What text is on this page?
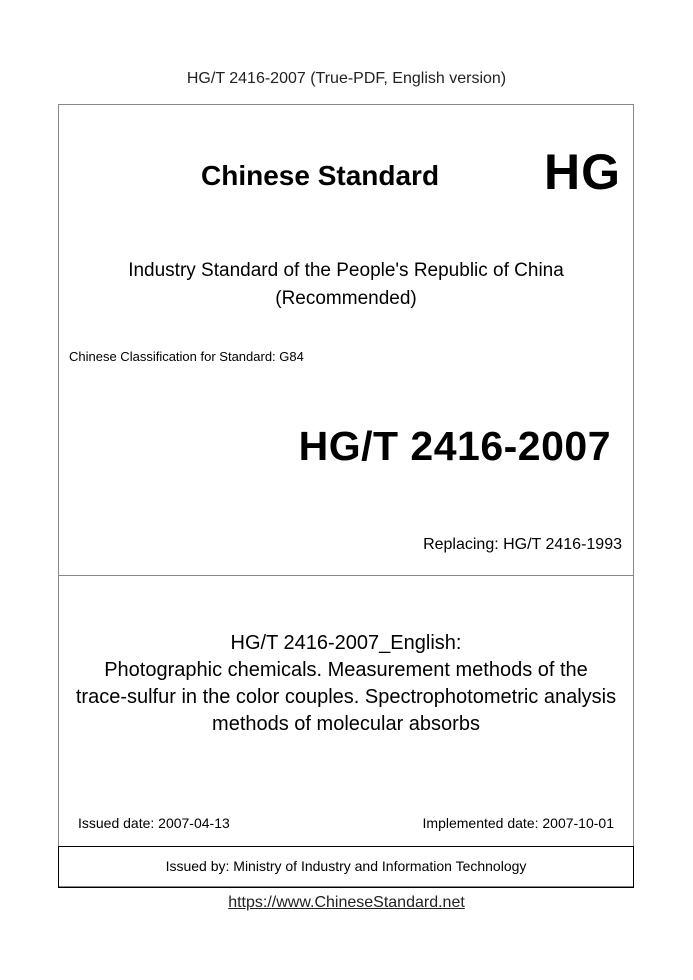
HG/T 2416-2007 (True-PDF, English version)
Chinese Standard HG
Industry Standard of the People's Republic of China
(Recommended)
Chinese Classification for Standard: G84
HG/T 2416-2007
Replacing: HG/T 2416-1993
HG/T 2416-2007_English:
Photographic chemicals. Measurement methods of the
trace-sulfur in the color couples. Spectrophotometric analysis
methods of molecular absorbs
Issued date: 2007-04-13	Implemented date: 2007-10-01
Issued by: Ministry of Industry and Information Technology
https://www.ChineseStandard.net
